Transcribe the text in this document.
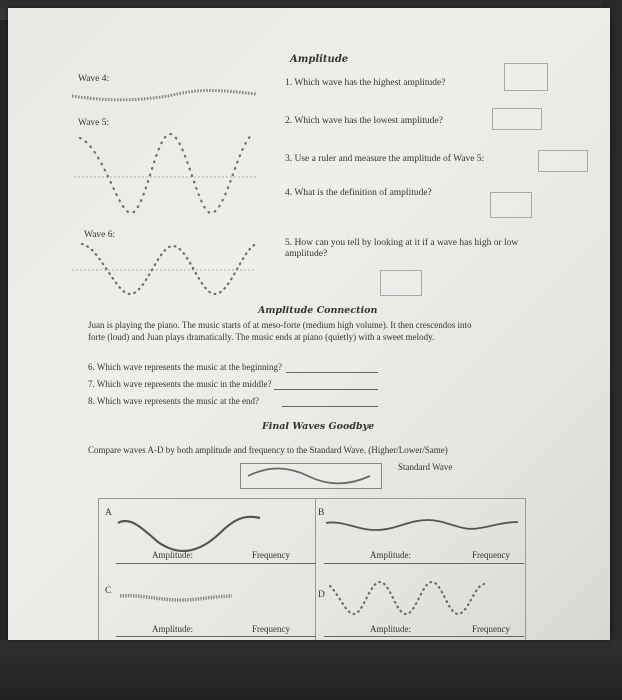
Wave 4:
Wave 5:
Wave 6:
Amplitude
1. Which wave has the highest amplitude?
2. Which wave has the lowest amplitude?
3. Use a ruler and measure the amplitude of Wave 5:
4. What is the definition of amplitude?
5. How can you tell by looking at it if a wave has high or low amplitude?
Amplitude Connection
Juan is playing the piano. The music starts of at meso-forte (medium high volume). It then crescendos into
forte (loud) and Juan plays dramatically. The music ends at piano (quietly) with a sweet melody.
6. Which wave represents the music at the beginning?
7. Which wave represents the music in the middle?
8. Which wave represents the music at the end?
Final Waves Goodbye
Compare waves A-D by both amplitude and frequency to the Standard Wave. (Higher/Lower/Same)
Standard Wave
A
Amplitude:	Frequency
B
Amplitude:	Frequency
C
Amplitude:	Frequency
D
Amplitude:	Frequency
